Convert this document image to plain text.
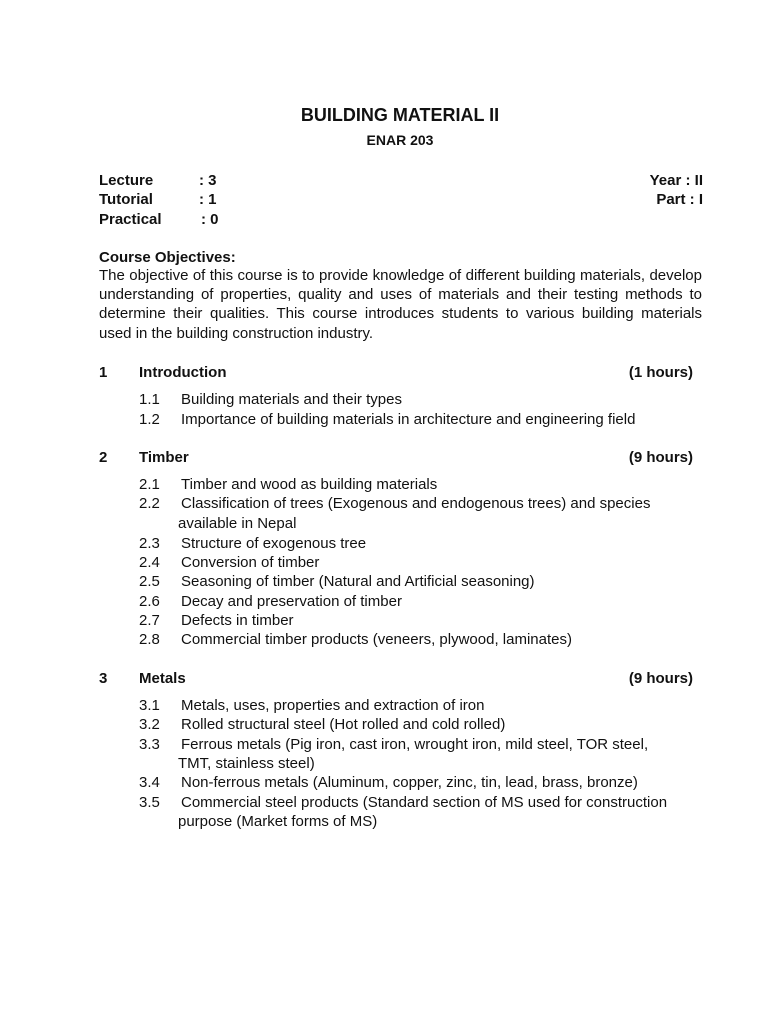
BUILDING MATERIAL II
ENAR 203
Lecture	: 3
Tutorial	: 1
Practical	: 0
Year : II
Part : I
Course Objectives:
The objective of this course is to provide knowledge of different building materials, develop understanding of properties, quality and uses of materials and their testing methods to determine their qualities. This course introduces students to various building materials used in the building construction industry.
1 Introduction	(1 hours)
1.1 Building materials and their types
1.2 Importance of building materials in architecture and engineering field
2 Timber	(9 hours)
2.1 Timber and wood as building materials
2.2 Classification of trees (Exogenous and endogenous trees) and species
available in Nepal
2.3 Structure of exogenous tree
2.4 Conversion of timber
2.5 Seasoning of timber (Natural and Artificial seasoning)
2.6 Decay and preservation of timber
2.7 Defects in timber
2.8 Commercial timber products (veneers, plywood, laminates)
3 Metals	(9 hours)
3.1 Metals, uses, properties and extraction of iron
3.2 Rolled structural steel (Hot rolled and cold rolled)
3.3 Ferrous metals (Pig iron, cast iron, wrought iron, mild steel, TOR steel,
TMT, stainless steel)
3.4 Non-ferrous metals (Aluminum, copper, zinc, tin, lead, brass, bronze)
3.5 Commercial steel products (Standard section of MS used for construction
purpose (Market forms of MS)
